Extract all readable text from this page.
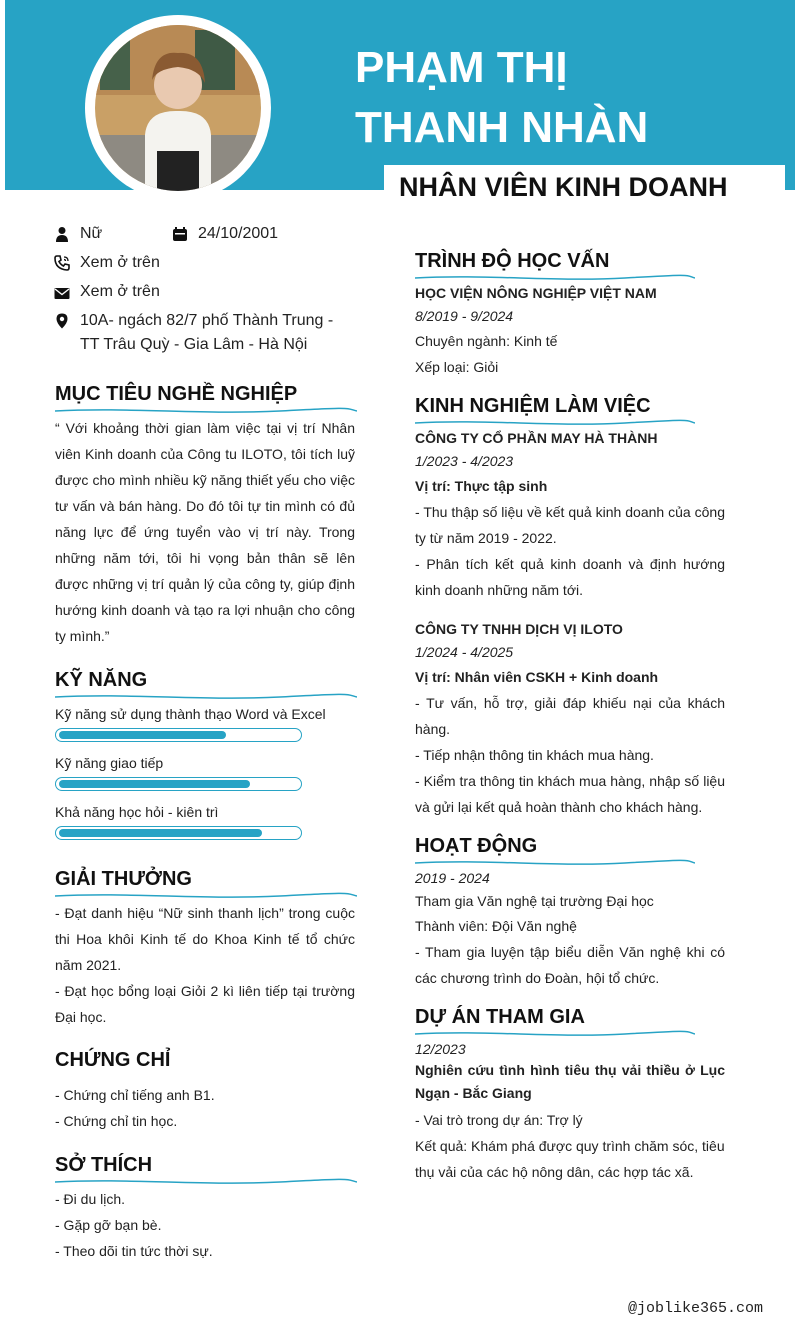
PHẠM THỊ
THANH NHÀN
NHÂN VIÊN KINH DOANH
Nữ	24/10/2001
Xem ở trên
Xem ở trên
10A- ngách 82/7 phố Thành Trung -
TT Trâu Quỳ - Gia Lâm - Hà Nội
MỤC TIÊU NGHỀ NGHIỆP
“ Với khoảng thời gian làm việc tại vị trí Nhân viên Kinh doanh của Công tu ILOTO, tôi tích luỹ được cho mình nhiều kỹ năng thiết yếu cho việc tư vấn và bán hàng. Do đó tôi tự tin mình có đủ năng lực để ứng tuyển vào vị trí này. Trong những năm tới, tôi hi vọng bản thân sẽ lên được những vị trí quản lý của công ty, giúp định hướng kinh doanh và tạo ra lợi nhuận cho công ty mình.”
KỸ NĂNG
Kỹ năng sử dụng thành thạo Word và Excel
Kỹ năng giao tiếp
Khả năng học hỏi - kiên trì
GIẢI THƯỞNG
- Đạt danh hiệu “Nữ sinh thanh lịch” trong cuộc thi Hoa khôi Kinh tế do Khoa Kinh tế tổ chức năm 2021.
- Đạt học bổng loại Giỏi 2 kì liên tiếp tại trường Đại học.
CHỨNG CHỈ
- Chứng chỉ tiếng anh B1.
- Chứng chỉ tin học.
SỞ THÍCH
- Đi du lịch.
- Gặp gỡ bạn bè.
- Theo dõi tin tức thời sự.
TRÌNH ĐỘ HỌC VẤN
HỌC VIỆN NÔNG NGHIỆP VIỆT NAM
8/2019 - 9/2024
Chuyên ngành: Kinh tế
Xếp loại: Giỏi
KINH NGHIỆM LÀM VIỆC
CÔNG TY CỔ PHẦN MAY HÀ THÀNH
1/2023 - 4/2023
Vị trí: Thực tập sinh
- Thu thập số liệu về kết quả kinh doanh của công ty từ năm 2019 - 2022.
- Phân tích kết quả kinh doanh và định hướng kinh doanh những năm tới.
CÔNG TY TNHH DỊCH VỊ ILOTO
1/2024 - 4/2025
Vị trí: Nhân viên CSKH + Kinh doanh
- Tư vấn, hỗ trợ, giải đáp khiếu nại của khách hàng.
- Tiếp nhận thông tin khách mua hàng.
- Kiểm tra thông tin khách mua hàng, nhập số liệu và gửi lại kết quả hoàn thành cho khách hàng.
HOẠT ĐỘNG
2019 - 2024
Tham gia Văn nghệ tại trường Đại học
Thành viên: Đội Văn nghệ
- Tham gia luyện tập biểu diễn Văn nghệ khi có các chương trình do Đoàn, hội tổ chức.
DỰ ÁN THAM GIA
12/2023
Nghiên cứu tình hình tiêu thụ vải thiều ở Lục Ngạn - Bắc Giang
- Vai trò trong dự án: Trợ lý
Kết quả: Khám phá được quy trình chăm sóc, tiêu thụ vải của các hộ nông dân, các hợp tác xã.
@joblike365.com
